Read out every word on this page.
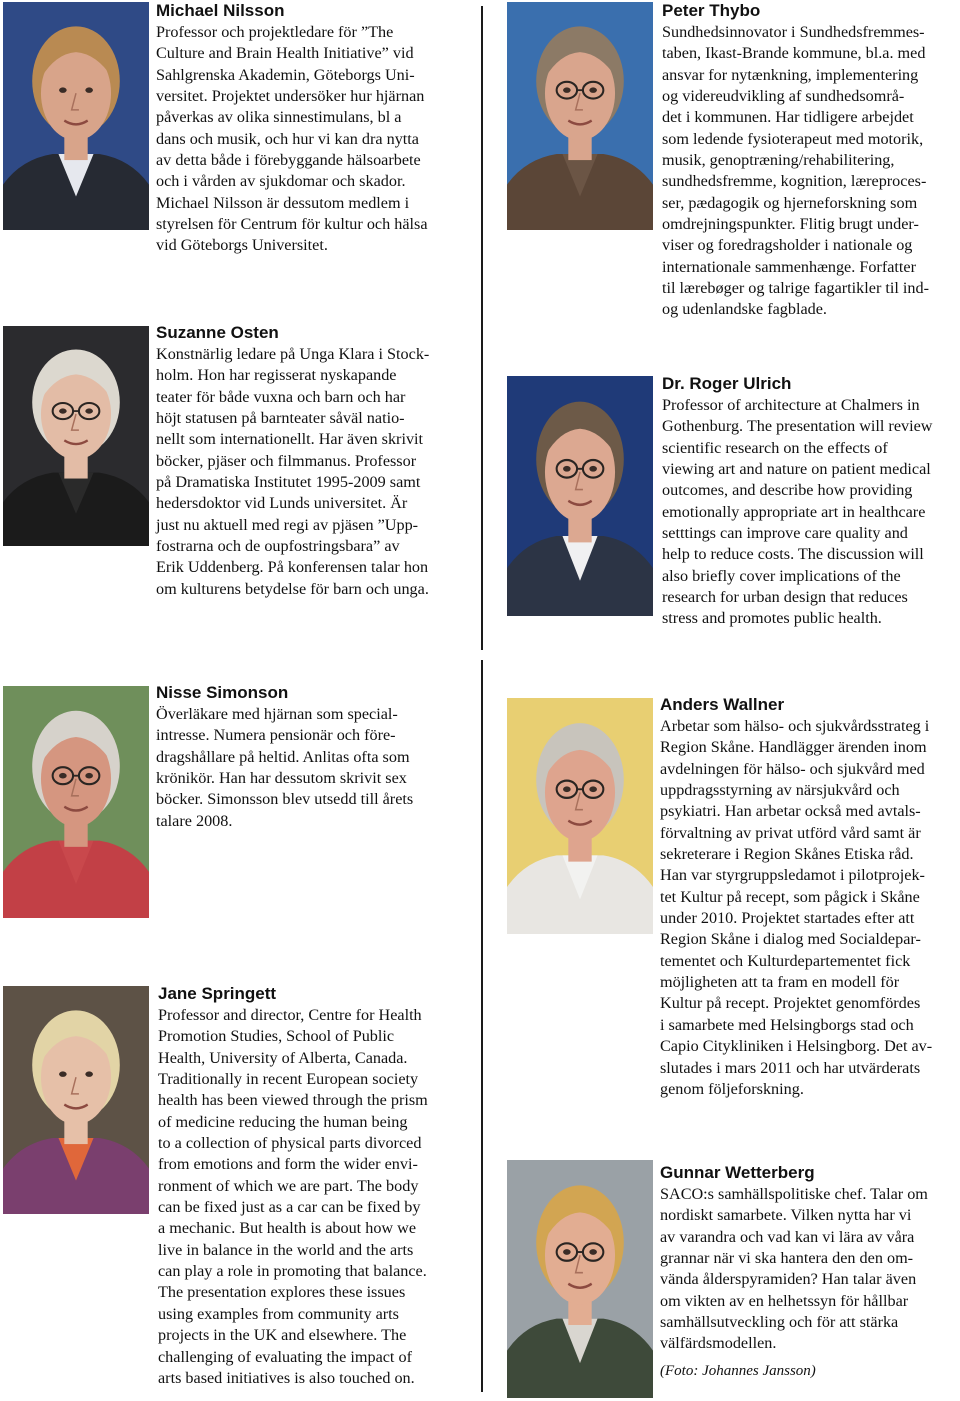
Michael Nilsson

Professor och projektledare för ”The
Culture and Brain Health Initiative” vid
Sahlgrenska Akademin, Göteborgs Uni-
versitet. Projektet undersöker hur hjärnan
påverkas av olika sinnestimulans, bl a
dans och musik, och hur vi kan dra nytta
av detta både i förebyggande hälsoarbete
och i vården av sjukdomar och skador.
Michael Nilsson är dessutom medlem i
styrelsen för Centrum för kultur och hälsa
vid Göteborgs Universitet.

Suzanne Osten

Konstnärlig ledare på Unga Klara i Stock-
holm. Hon har regisserat nyskapande
teater för både vuxna och barn och har
höjt statusen på barnteater såväl natio-
nellt som internationellt. Har även skrivit
böcker, pjäser och filmmanus. Professor
på Dramatiska Institutet 1995-2009 samt
hedersdoktor vid Lunds universitet. Är
just nu aktuell med regi av pjäsen ”Upp-
fostrarna och de oupfostringsbara” av
Erik Uddenberg. På konferensen talar hon
om kulturens betydelse för barn och unga.

Peter Thybo

Sundhedsinnovator i Sundhedsfremmes-
taben, Ikast-Brande kommune, bl.a. med
ansvar for nytænkning, implementering
og videreudvikling af sundhedsområ-
det i kommunen. Har tidligere arbejdet
som ledende fysioterapeut med motorik,
musik, genoptræning/rehabilitering,
sundhedsfremme, kognition, læreproces-
ser, pædagogik og hjerneforskning som
omdrejningspunkter. Flitig brugt under-
viser og foredragsholder i nationale og
internationale sammenhænge. Forfatter
til lærebøger og talrige fagartikler til ind-
og udenlandske fagblade.

Dr. Roger Ulrich

Professor of architecture at Chalmers in
Gothenburg. The presentation will review
scientific research on the effects of
viewing art and nature on patient medical
outcomes, and describe how providing
emotionally appropriate art in healthcare
setttings can improve care quality and
help to reduce costs. The discussion will
also briefly cover implications of the
research for urban design that reduces
stress and promotes public health.

Nisse Simonson

Överläkare med hjärnan som special-
intresse. Numera pensionär och före-
dragshållare på heltid. Anlitas ofta som
krönikör. Han har dessutom skrivit sex
böcker. Simonsson blev utsedd till årets
talare 2008.

Jane Springett

Professor and director, Centre for Health
Promotion Studies, School of Public
Health, University of Alberta, Canada.
Traditionally in recent European society
health has been viewed through the prism
of medicine reducing the human being
to a collection of physical parts divorced
from emotions and form the wider envi-
ronment of which we are part. The body
can be fixed just as a car can be fixed by
a mechanic. But health is about how we
live in balance in the world and the arts
can play a role in promoting that balance.
The presentation explores these issues
using examples from community arts
projects in the UK and elsewhere. The
challenging of evaluating the impact of
arts based initiatives is also touched on.

Anders Wallner

Arbetar som hälso- och sjukvårdsstrateg i
Region Skåne. Handlägger ärenden inom
avdelningen för hälso- och sjukvård med
uppdragsstyrning av närsjukvård och
psykiatri. Han arbetar också med avtals-
förvaltning av privat utförd vård samt är
sekreterare i Region Skånes Etiska råd.
Han var styrgruppsledamot i pilotprojek-
tet Kultur på recept, som pågick i Skåne
under 2010. Projektet startades efter att
Region Skåne i dialog med Socialdepar-
tementet och Kulturdepartementet fick
möjligheten att ta fram en modell för
Kultur på recept. Projektet genomfördes
i samarbete med Helsingborgs stad och
Capio Citykliniken i Helsingborg. Det av-
slutades i mars 2011 och har utvärderats
genom följeforskning.

Gunnar Wetterberg

SACO:s samhällspolitiske chef. Talar om
nordiskt samarbete. Vilken nytta har vi
av varandra och vad kan vi lära av våra
grannar när vi ska hantera den den om-
vända ålderspyramiden? Han talar även
om vikten av en helhetssyn för hållbar
samhällsutveckling och för att stärka
välfärdsmodellen.

(Foto: Johannes Jansson)
